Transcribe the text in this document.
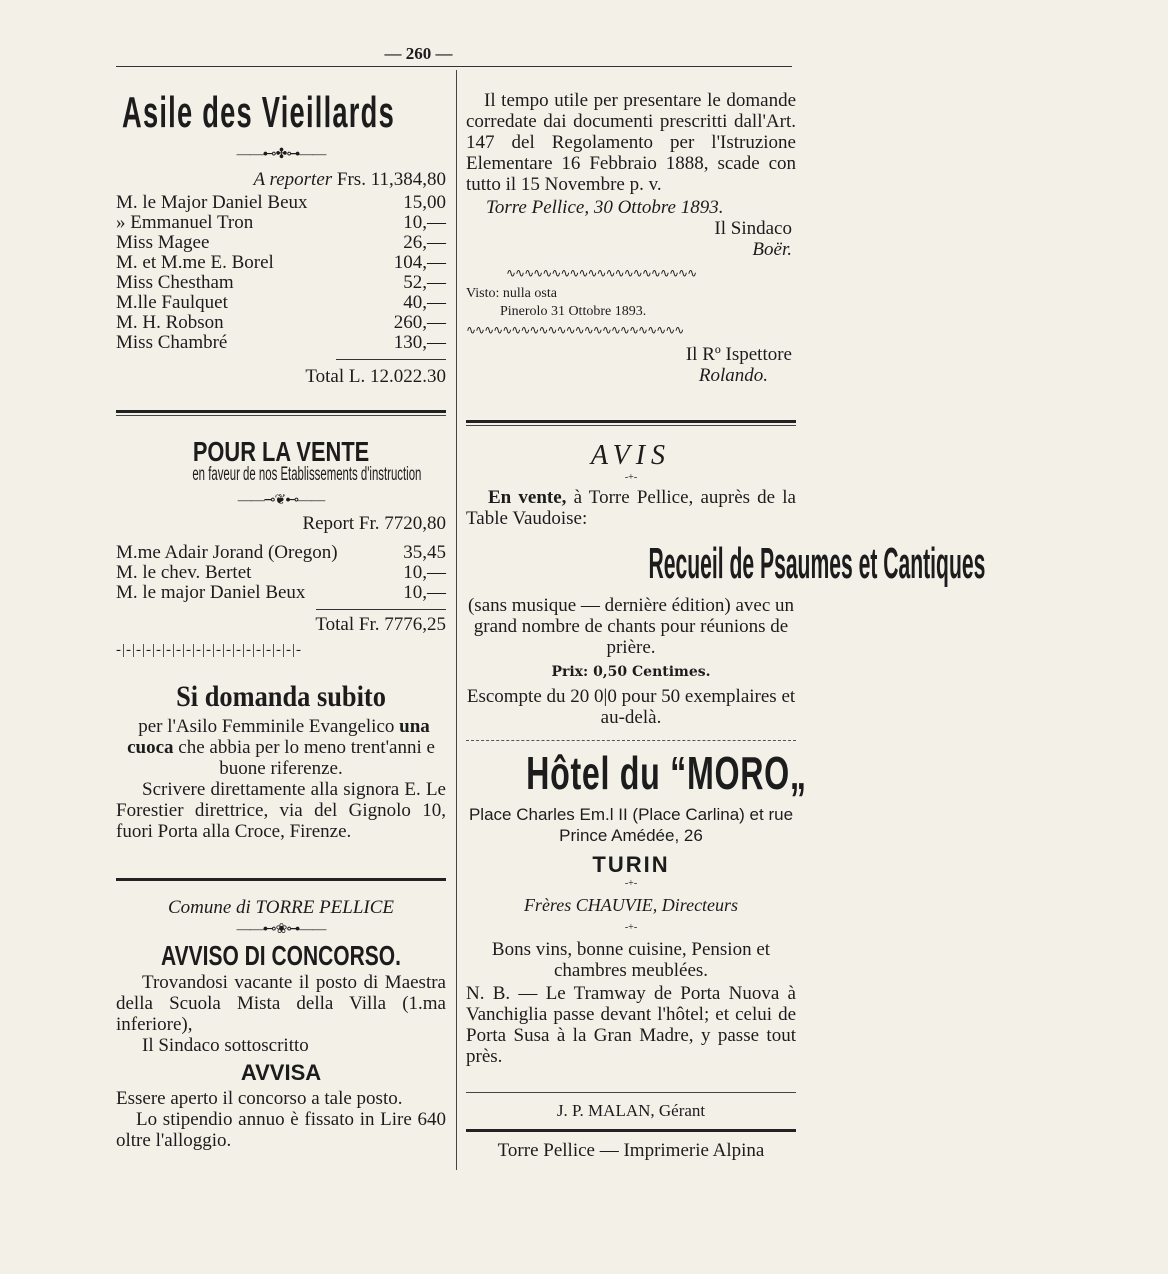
— 260 —
Asile des Vieillards
——⊷✤⊶——
A reporter Frs. 11,384,80
M. le Major Daniel Beux	15,00
» Emmanuel Tron	10,—
Miss Magee	26,—
M. et M.me E. Borel	104,—
Miss Chestham	52,—
M.lle Faulquet	40,—
M. H. Robson	260,—
Miss Chambré	130,—
Total L. 12.022.30
POUR LA VENTE
en faveur de nos Etablissements d'instruction
——⊸❦⊷——
Report Fr. 7720,80
M.me Adair Jorand (Oregon)	35,45
M. le chev. Bertet	10,—
M. le major Daniel Beux	10,—
Total Fr. 7776,25
-|-|-|-|-|-|-|-|-|-|-|-|-|-|-|-|-|-|-
Si domanda subito

per l'Asilo Femminile Evangelico una cuoca che abbia per lo meno trent'anni e buone riferenze.

Scrivere direttamente alla signora E. Le Forestier direttrice, via del Gignolo 10, fuori Porta alla Croce, Firenze.

Comune di TORRE PELLICE
——⊷❀⊶——
AVVISO DI CONCORSO.

Trovandosi vacante il posto di Maestra della Scuola Mista della Villa (1.ma inferiore),

Il Sindaco sottoscritto

AVVISA

Essere aperto il concorso a tale posto.

Lo stipendio annuo è fissato in Lire 640 oltre l'alloggio.

Il tempo utile per presentare le domande corredate dai documenti prescritti dall'Art. 147 del Regolamento per l'Istruzione Elementare 16 Febbraio 1888, scade con tutto il 15 Novembre p. v.

Torre Pellice, 30 Ottobre 1893.

Il Sindaco
Boër.
∿∿∿∿∿∿∿∿∿∿∿∿∿∿∿∿∿∿∿∿∿
Visto: nulla osta
Pinerolo 31 Ottobre 1893.
∿∿∿∿∿∿∿∿∿∿∿∿∿∿∿∿∿∿∿∿∿∿∿∿
Il Rº Ispettore
Rolando.
AVIS
-+-

En vente, à Torre Pellice, auprès de la Table Vaudoise:

Recueil de Psaumes et Cantiques

(sans musique — dernière édition) avec un grand nombre de chants pour réunions de prière.

Prix: 0,50 Centimes.

Escompte du 20 0|0 pour 50 exemplaires et au-delà.

Hôtel du “MORO„

Place Charles Em.l II (Place Carlina) et rue Prince Amédée, 26

TURIN
-+-
Frères CHAUVIE, Directeurs
-+-

Bons vins, bonne cuisine, Pension et chambres meublées.

N. B. — Le Tramway de Porta Nuova à Vanchiglia passe devant l'hôtel; et celui de Porta Susa à la Gran Madre, y passe tout près.

J. P. MALAN, Gérant
Torre Pellice — Imprimerie Alpina
